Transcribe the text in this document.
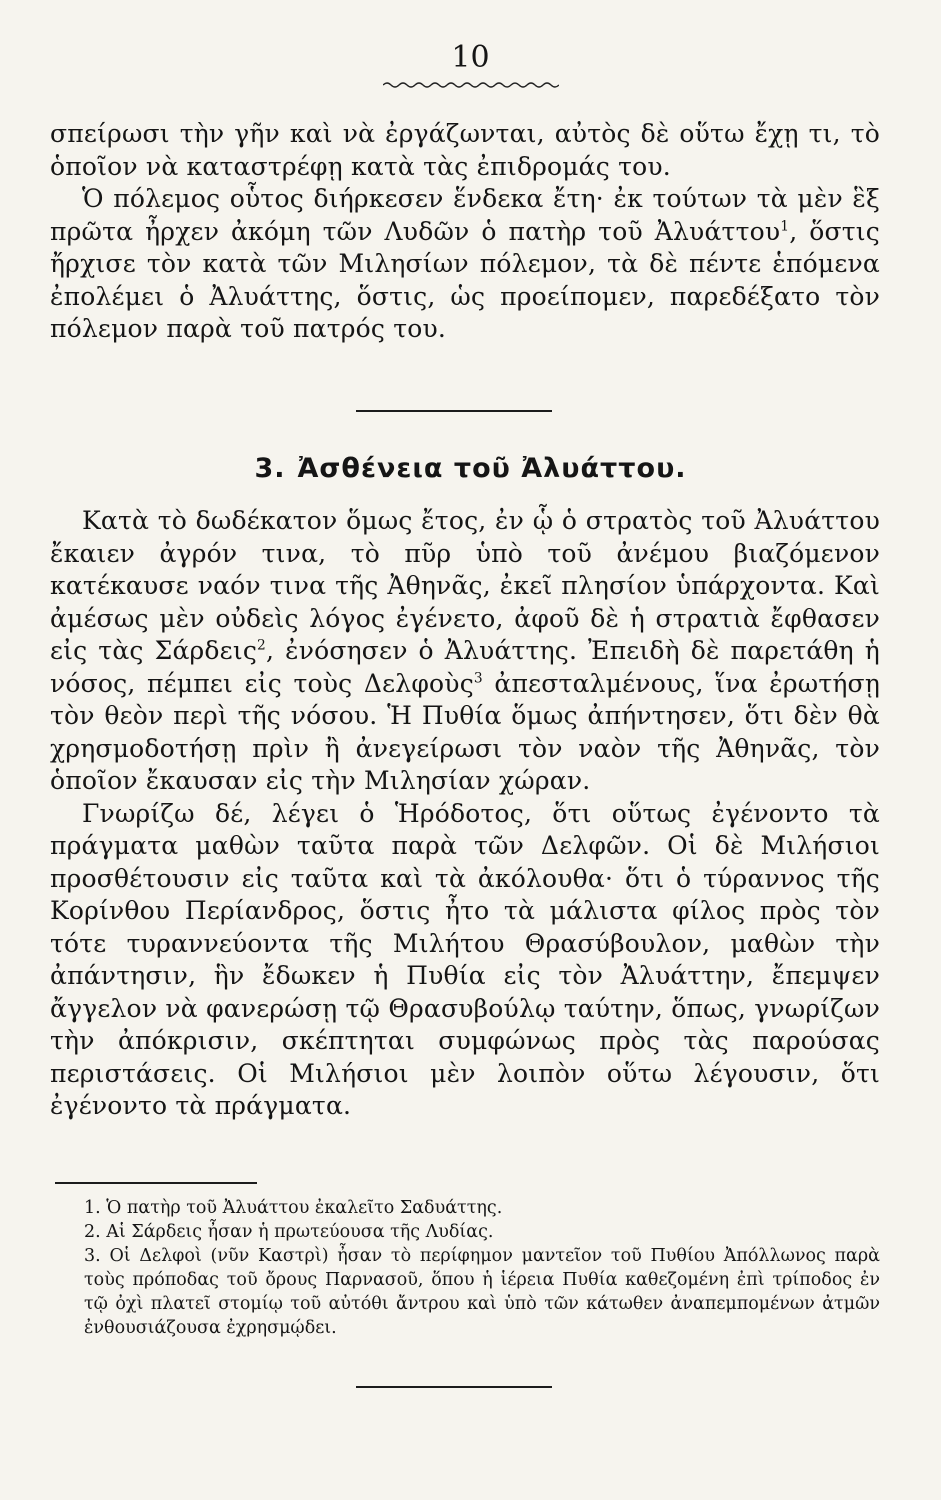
10

σπείρωσι τὴν γῆν καὶ νὰ ἐργάζωνται, αὐτὸς δὲ οὕτω ἔχῃ τι, τὸ ὁποῖον νὰ καταστρέφῃ κατὰ τὰς ἐπιδρομάς του.

Ὁ πόλεμος οὗτος διήρκεσεν ἕνδεκα ἔτη· ἐκ τούτων τὰ μὲν ἓξ πρῶτα ἦρχεν ἀκόμη τῶν Λυδῶν ὁ πατὴρ τοῦ Ἀλυάττου$^1$, ὅστις ἤρχισε τὸν κατὰ τῶν Μιλησίων πόλεμον, τὰ δὲ πέντε ἑπόμενα ἐπολέμει ὁ Ἀλυάττης, ὅστις, ὡς προείπομεν, παρεδέξατο τὸν πόλεμον παρὰ τοῦ πατρός του.

3. Ἀσθένεια τοῦ Ἀλυάττου.

Κατὰ τὸ δωδέκατον ὅμως ἔτος, ἐν ᾧ ὁ στρατὸς τοῦ Ἀλυάττου ἔκαιεν ἀγρόν τινα, τὸ πῦρ ὑπὸ τοῦ ἀνέμου βιαζόμενον κατέκαυσε ναόν τινα τῆς Ἀθηνᾶς, ἐκεῖ πλησίον ὑπάρχοντα. Καὶ ἀμέσως μὲν οὐδεὶς λόγος ἐγένετο, ἀφοῦ δὲ ἡ στρατιὰ ἔφθασεν εἰς τὰς Σάρδεις$^2$, ἐνόσησεν ὁ Ἀλυάττης. Ἐπειδὴ δὲ παρετάθη ἡ νόσος, πέμπει εἰς τοὺς Δελφοὺς$^3$ ἀπεσταλμένους, ἵνα ἐρωτήσῃ τὸν θεὸν περὶ τῆς νόσου. Ἡ Πυθία ὅμως ἀπήντησεν, ὅτι δὲν θὰ χρησμοδοτήσῃ πρὶν ἢ ἀνεγείρωσι τὸν ναὸν τῆς Ἀθηνᾶς, τὸν ὁποῖον ἔκαυσαν εἰς τὴν Μιλησίαν χώραν.

Γνωρίζω δέ, λέγει ὁ Ἡρόδοτος, ὅτι οὕτως ἐγένοντο τὰ πράγματα μαθὼν ταῦτα παρὰ τῶν Δελφῶν. Οἱ δὲ Μιλήσιοι προσθέτουσιν εἰς ταῦτα καὶ τὰ ἀκόλουθα· ὅτι ὁ τύραννος τῆς Κορίνθου Περίανδρος, ὅστις ἦτο τὰ μάλιστα φίλος πρὸς τὸν τότε τυραννεύοντα τῆς Μιλήτου Θρασύβουλον, μαθὼν τὴν ἀπάντησιν, ἣν ἔδωκεν ἡ Πυθία εἰς τὸν Ἀλυάττην, ἔπεμψεν ἄγγελον νὰ φανερώσῃ τῷ Θρασυβούλῳ ταύτην, ὅπως, γνωρίζων τὴν ἀπόκρισιν, σκέπτηται συμφώνως πρὸς τὰς παρούσας περιστάσεις. Οἱ Μιλήσιοι μὲν λοιπὸν οὕτω λέγουσιν, ὅτι ἐγένοντο τὰ πράγματα.

1. Ὁ πατὴρ τοῦ Ἀλυάττου ἐκαλεῖτο Σαδυάττης.
2. Αἱ Σάρδεις ἦσαν ἡ πρωτεύουσα τῆς Λυδίας.
3. Οἱ Δελφοὶ (νῦν Καστρὶ) ἦσαν τὸ περίφημον μαντεῖον τοῦ Πυθίου Ἀπόλλωνος παρὰ τοὺς πρόποδας τοῦ ὄρους Παρνασοῦ, ὅπου ἡ ἱέρεια Πυθία καθεζομένη ἐπὶ τρίποδος ἐν τῷ ὀχὶ πλατεῖ στομίῳ τοῦ αὐτόθι ἄντρου καὶ ὑπὸ τῶν κάτωθεν ἀναπεμπομένων ἀτμῶν ἐνθουσιάζουσα ἐχρησμῴδει.
